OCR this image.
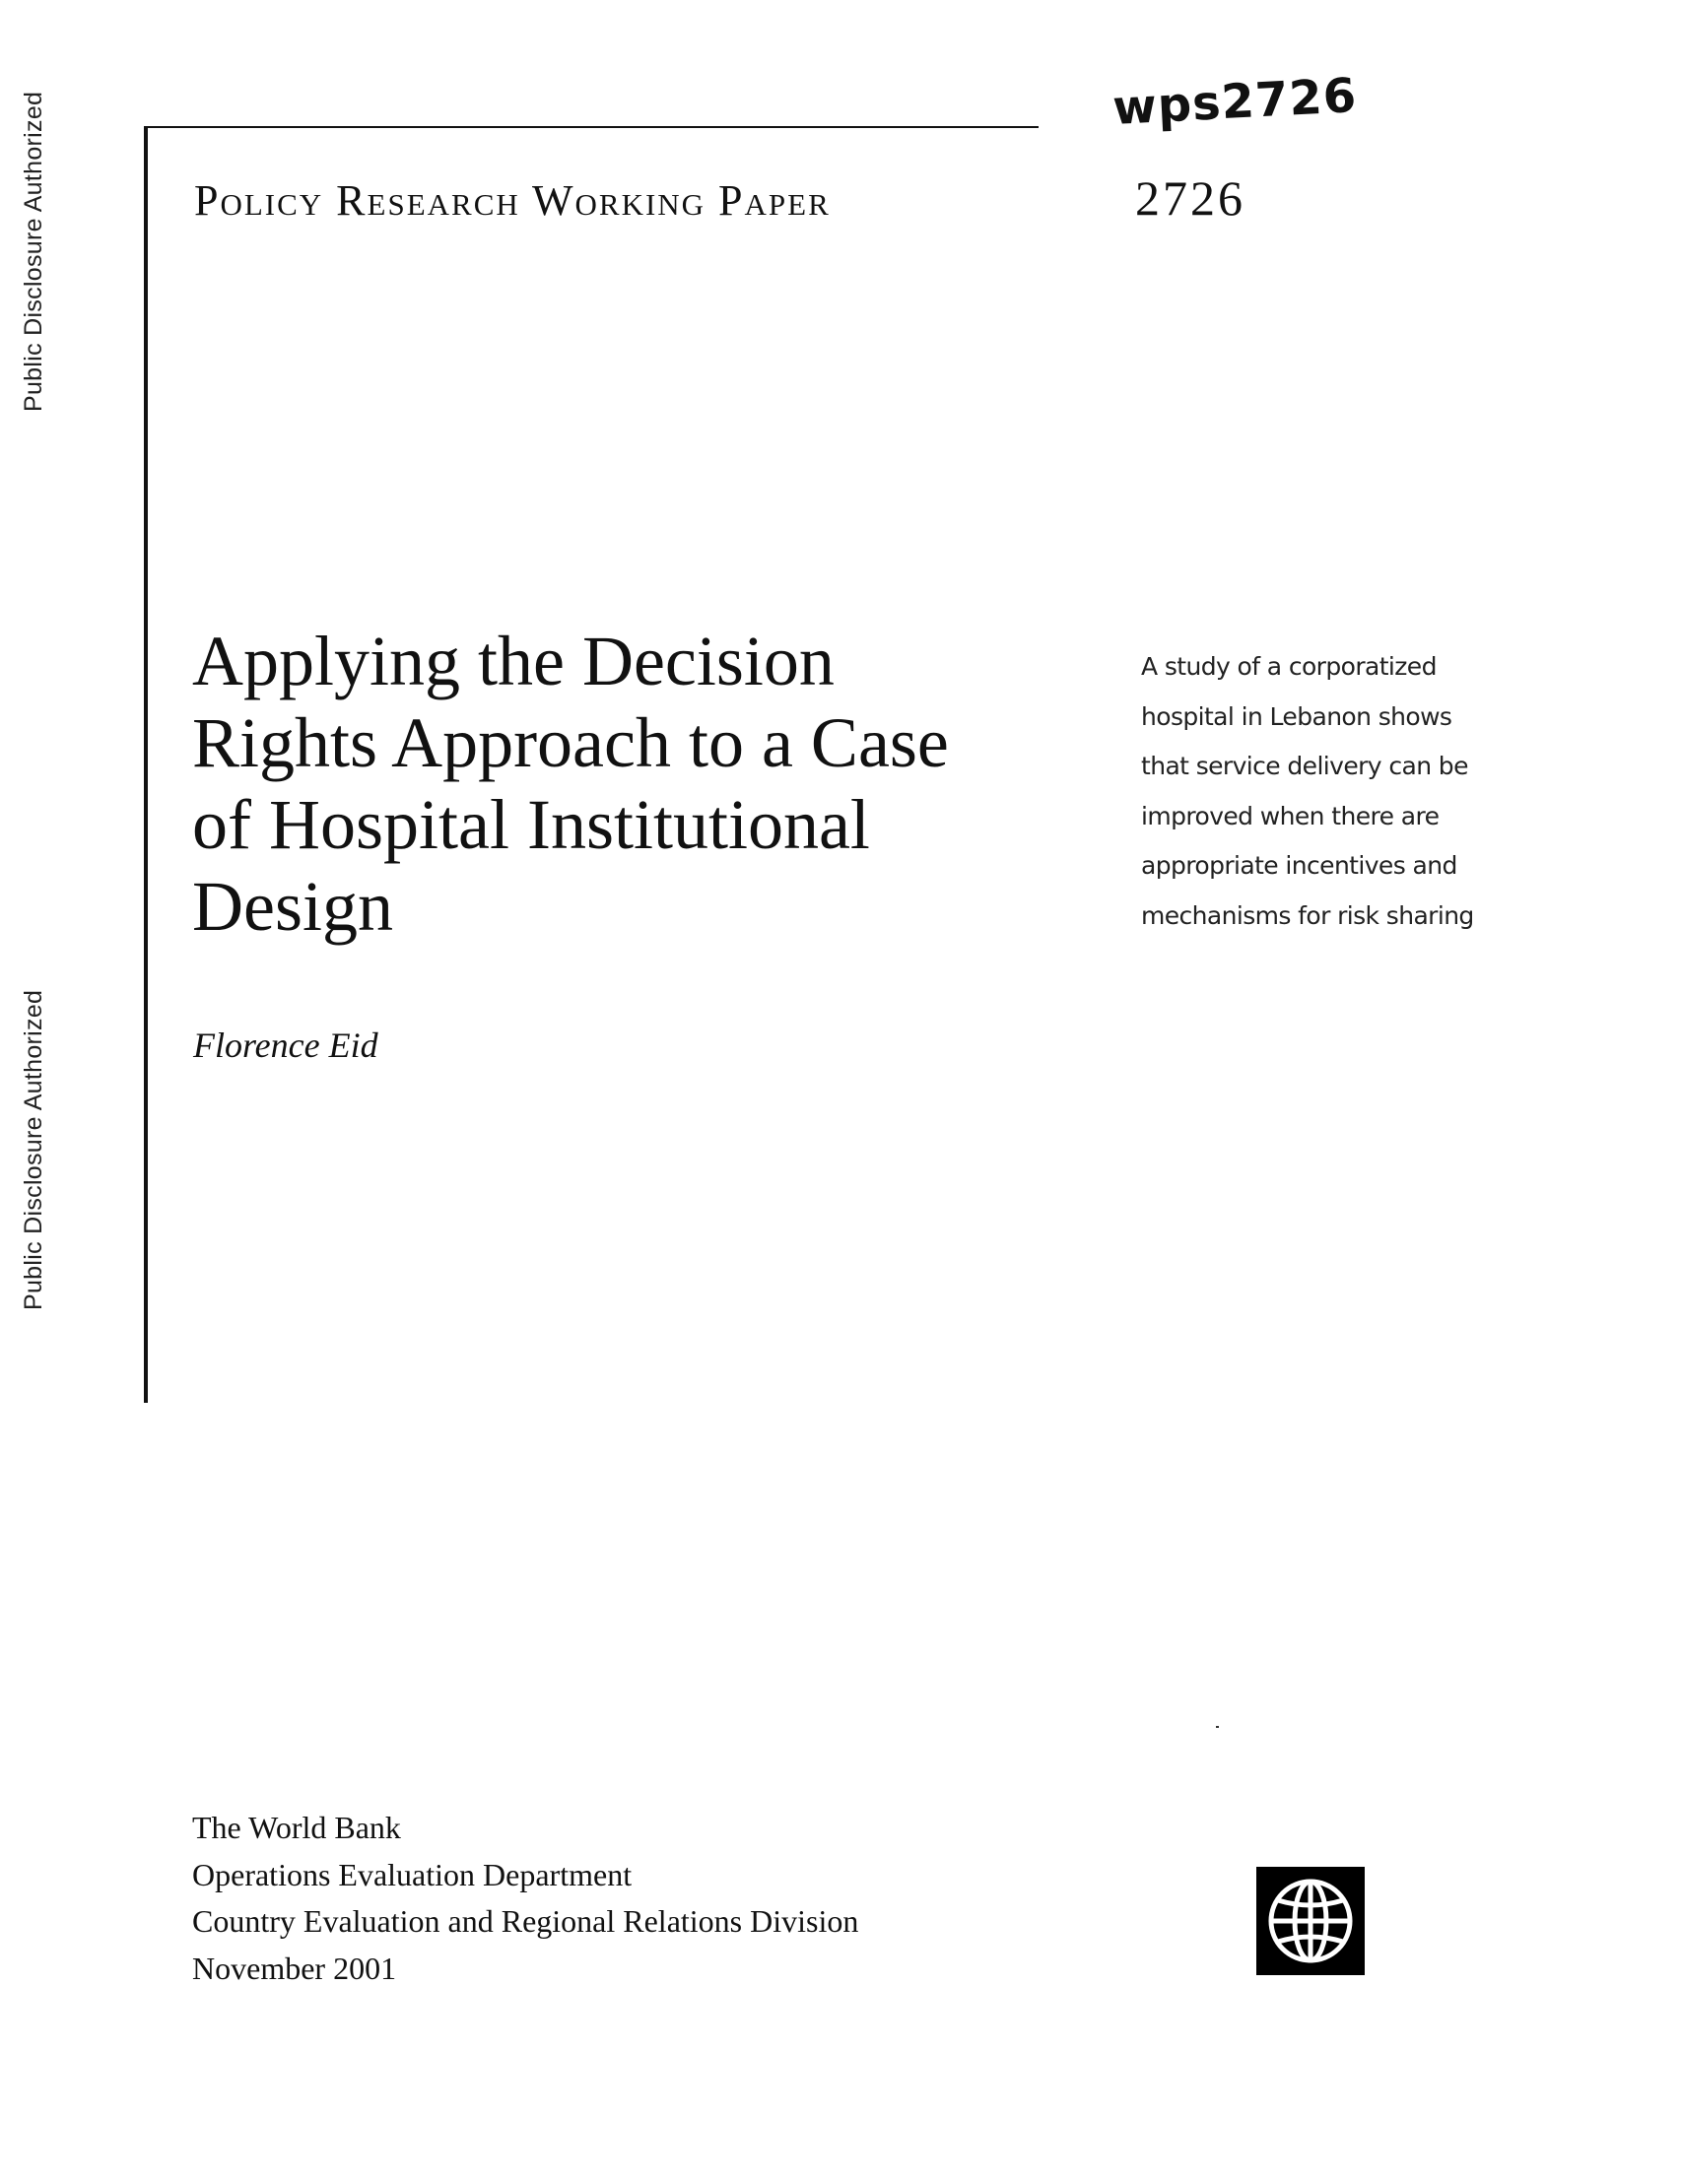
Public Disclosure Authorized
Public Disclosure Authorized
wps2726
Policy Research Working Paper	2726
Applying the Decision
Rights Approach to a Case
of Hospital Institutional
Design
Florence Eid
A study of a corporatized
hospital in Lebanon shows
that service delivery can be
improved when there are
appropriate incentives and
mechanisms for risk sharing
The World Bank
Operations Evaluation Department
Country Evaluation and Regional Relations Division
November 2001
